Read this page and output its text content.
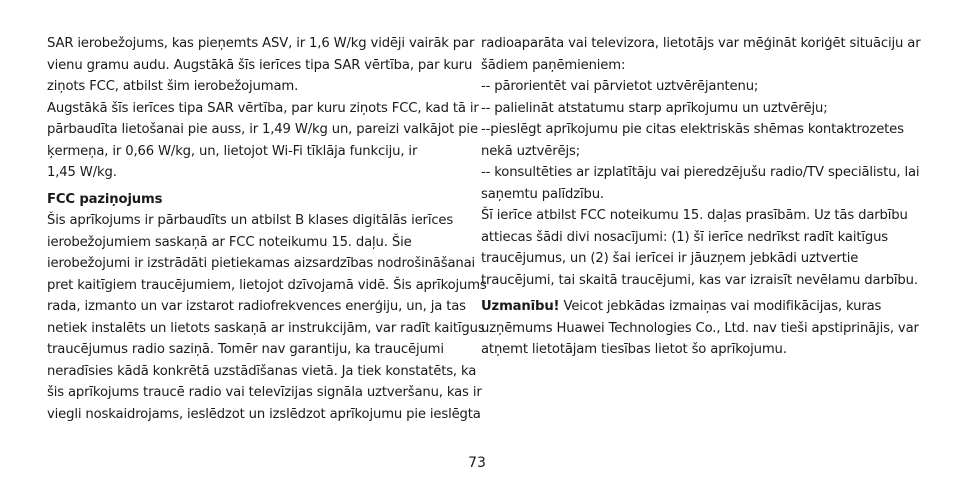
SAR ierobežojums, kas pieņemts ASV, ir 1,6 W/kg vidēji vairāk par
vienu gramu audu. Augstākā šīs ierīces tipa SAR vērtība, par kuru
ziņots FCC, atbilst šim ierobežojumam.
Augstākā šīs ierīces tipa SAR vērtība, par kuru ziņots FCC, kad tā ir
pārbaudīta lietošanai pie auss, ir 1,49 W/kg un, pareizi valkājot pie
ķermeņa, ir 0,66 W/kg, un, lietojot Wi-Fi tīklāja funkciju, ir
1,45 W/kg.
FCC paziņojums
Šis aprīkojums ir pārbaudīts un atbilst B klases digitālās ierīces
ierobežojumiem saskaņā ar FCC noteikumu 15. daļu. Šie
ierobežojumi ir izstrādāti pietiekamas aizsardzības nodrošināšanai
pret kaitīgiem traucējumiem, lietojot dzīvojamā vidē. Šis aprīkojums
rada, izmanto un var izstarot radiofrekvences enerģiju, un, ja tas
netiek instalēts un lietots saskaņā ar instrukcijām, var radīt kaitīgus
traucējumus radio saziņā. Tomēr nav garantiju, ka traucējumi
neradīsies kādā konkrētā uzstādīšanas vietā. Ja tiek konstatēts, ka
šis aprīkojums traucē radio vai televīzijas signāla uztveršanu, kas ir
viegli noskaidrojams, ieslēdzot un izslēdzot aprīkojumu pie ieslēgta
radioaparāta vai televizora, lietotājs var mēģināt koriģēt situāciju ar
šādiem paņēmieniem:
-- pārorientēt vai pārvietot uztvērējantenu;
-- palielināt atstatumu starp aprīkojumu un uztvērēju;
--pieslēgt aprīkojumu pie citas elektriskās shēmas kontaktrozetes
nekā uztvērējs;
-- konsultēties ar izplatītāju vai pieredzējušu radio/TV speciālistu, lai
saņemtu palīdzību.
Šī ierīce atbilst FCC noteikumu 15. daļas prasībām. Uz tās darbību
attiecas šādi divi nosacījumi: (1) šī ierīce nedrīkst radīt kaitīgus
traucējumus, un (2) šai ierīcei ir jāuzņem jebkādi uztvertie
traucējumi, tai skaitā traucējumi, kas var izraisīt nevēlamu darbību.
Uzmanību! Veicot jebkādas izmaiņas vai modifikācijas, kuras
uzņēmums Huawei Technologies Co., Ltd. nav tieši apstiprinājis, var
atņemt lietotājam tiesības lietot šo aprīkojumu.
73
